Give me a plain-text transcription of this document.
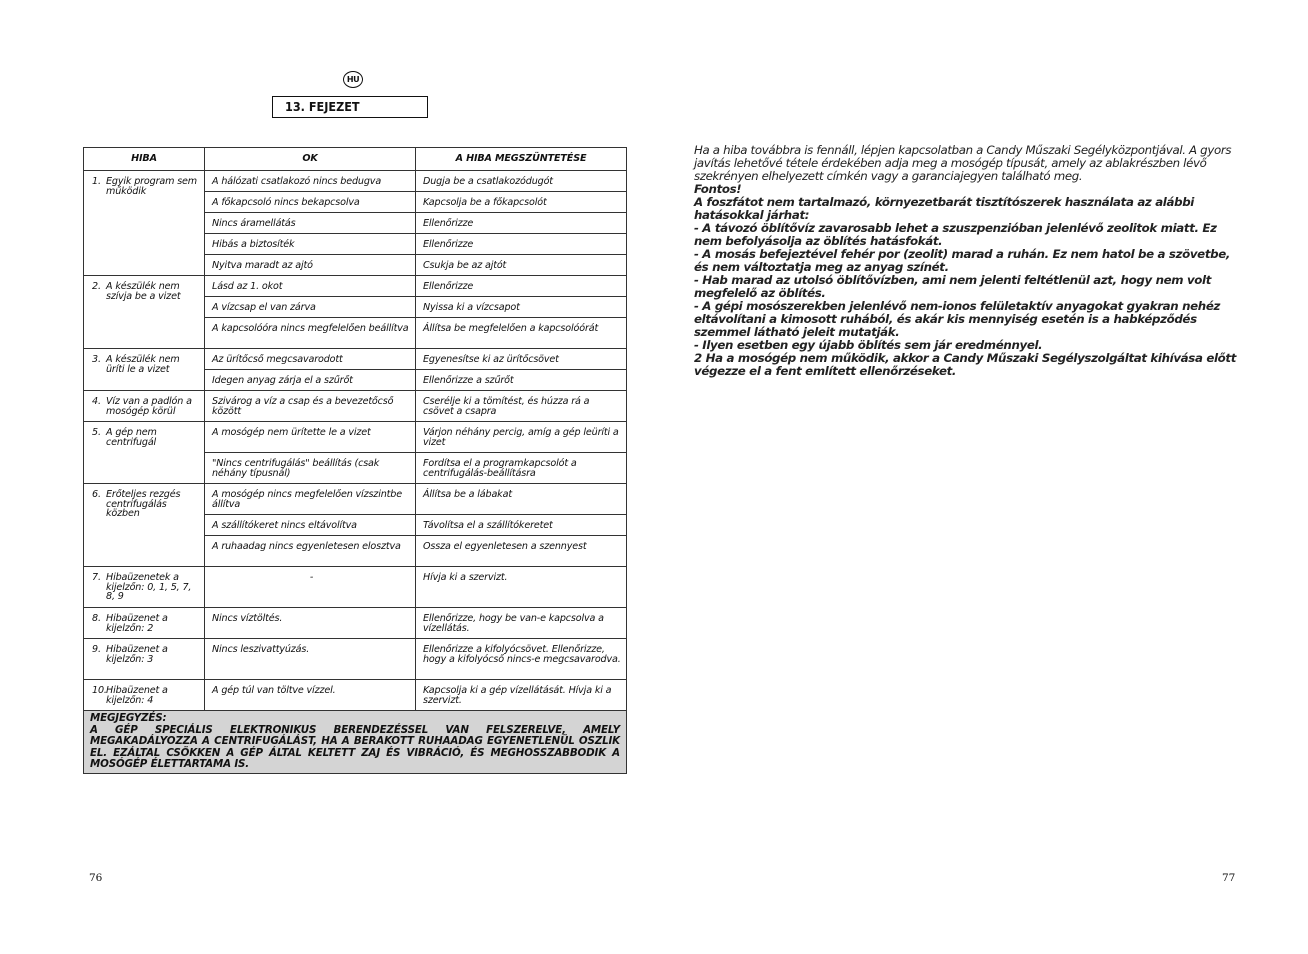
HU
13. FEJEZET
HIBA	OK	A HIBA MEGSZÜNTETÉSE

1. Egyik program sem működik	A hálózati csatlakozó nincs bedugva	Dugja be a csatlakozódugót
	A főkapcsoló nincs bekapcsolva	Kapcsolja be a főkapcsolót
	Nincs áramellátás	Ellenőrizze
	Hibás a biztosíték	Ellenőrizze
	Nyitva maradt az ajtó	Csukja be az ajtót

2. A készülék nem szívja be a vizet	Lásd az 1. okot	Ellenőrizze
	A vízcsap el van zárva	Nyissa ki a vízcsapot
	A kapcsolóóra nincs megfelelően beállítva	Állítsa be megfelelően a kapcsolóórát

3. A készülék nem üríti le a vizet	Az ürítőcső megcsavarodott	Egyenesítse ki az ürítőcsövet
	Idegen anyag zárja el a szűrőt	Ellenőrizze a szűrőt

4. Víz van a padlón a mosógép körül	Szivárog a víz a csap és a bevezetőcső között	Cserélje ki a tömítést, és húzza rá a csövet a csapra

5. A gép nem centrifugál	A mosógép nem ürítette le a vizet	Várjon néhány percig, amíg a gép leüríti a vizet
	"Nincs centrifugálás" beállítás (csak néhány típusnál)	Fordítsa el a programkapcsolót a centrifugálás-beállításra

6. Erőteljes rezgés centrifugálás közben	A mosógép nincs megfelelően vízszintbe állítva	Állítsa be a lábakat
	A szállítókeret nincs eltávolítva	Távolítsa el a szállítókeretet
	A ruhaadag nincs egyenletesen elosztva	Ossza el egyenletesen a szennyest

7. Hibaüzenetek a kijelzőn: 0, 1, 5, 7, 8, 9	-	Hívja ki a szervizt.

8. Hibaüzenet a kijelzőn: 2	Nincs víztöltés.	Ellenőrizze, hogy be van-e kapcsolva a vízellátás.

9. Hibaüzenet a kijelzőn: 3	Nincs leszivattyúzás.	Ellenőrizze a kifolyócsövet. Ellenőrizze, hogy a kifolyócső nincs-e megcsavarodva.

10. Hibaüzenet a kijelzőn: 4	A gép túl van töltve vízzel.	Kapcsolja ki a gép vízellátását. Hívja ki a szervizt.

MEGJEGYZÉS:
A GÉP SPECIÁLIS ELEKTRONIKUS BERENDEZÉSSEL VAN FELSZERELVE, AMELY MEGAKADÁLYOZZA A CENTRIFUGÁLÁST, HA A BERAKOTT RUHAADAG EGYENETLENÜL OSZLIK EL. EZÁLTAL CSÖKKEN A GÉP ÁLTAL KELTETT ZAJ ÉS VIBRÁCIÓ, ÉS MEGHOSSZABBODIK A MOSÓGÉP ÉLETTARTAMA IS.		

Ha a hiba továbbra is fennáll, lépjen kapcsolatban a Candy Műszaki Segélyközpontjával. A gyors javítás lehetővé tétele érdekében adja meg a mosógép típusát, amely az ablakrészben lévő szekrényen elhelyezett címkén vagy a garanciajegyen található meg.

Fontos!

A foszfátot nem tartalmazó, környezetbarát tisztítószerek használata az alábbi hatásokkal járhat:

- A távozó öblítővíz zavarosabb lehet a szuszpenzióban jelenlévő zeolitok miatt. Ez nem befolyásolja az öblítés hatásfokát.

- A mosás befejeztével fehér por (zeolit) marad a ruhán. Ez nem hatol be a szövetbe, és nem változtatja meg az anyag színét.

- Hab marad az utolsó öblítővízben, ami nem jelenti feltétlenül azt, hogy nem volt megfelelő az öblítés.

- A gépi mosószerekben jelenlévő nem-ionos felületaktív anyagokat gyakran nehéz eltávolítani a kimosott ruhából, és akár kis mennyiség esetén is a habképződés szemmel látható jeleit mutatják.

- Ilyen esetben egy újabb öblítés sem jár eredménnyel.

2 Ha a mosógép nem működik, akkor a Candy Műszaki Segélyszolgáltat kihívása előtt végezze el a fent említett ellenőrzéseket.

76	77
